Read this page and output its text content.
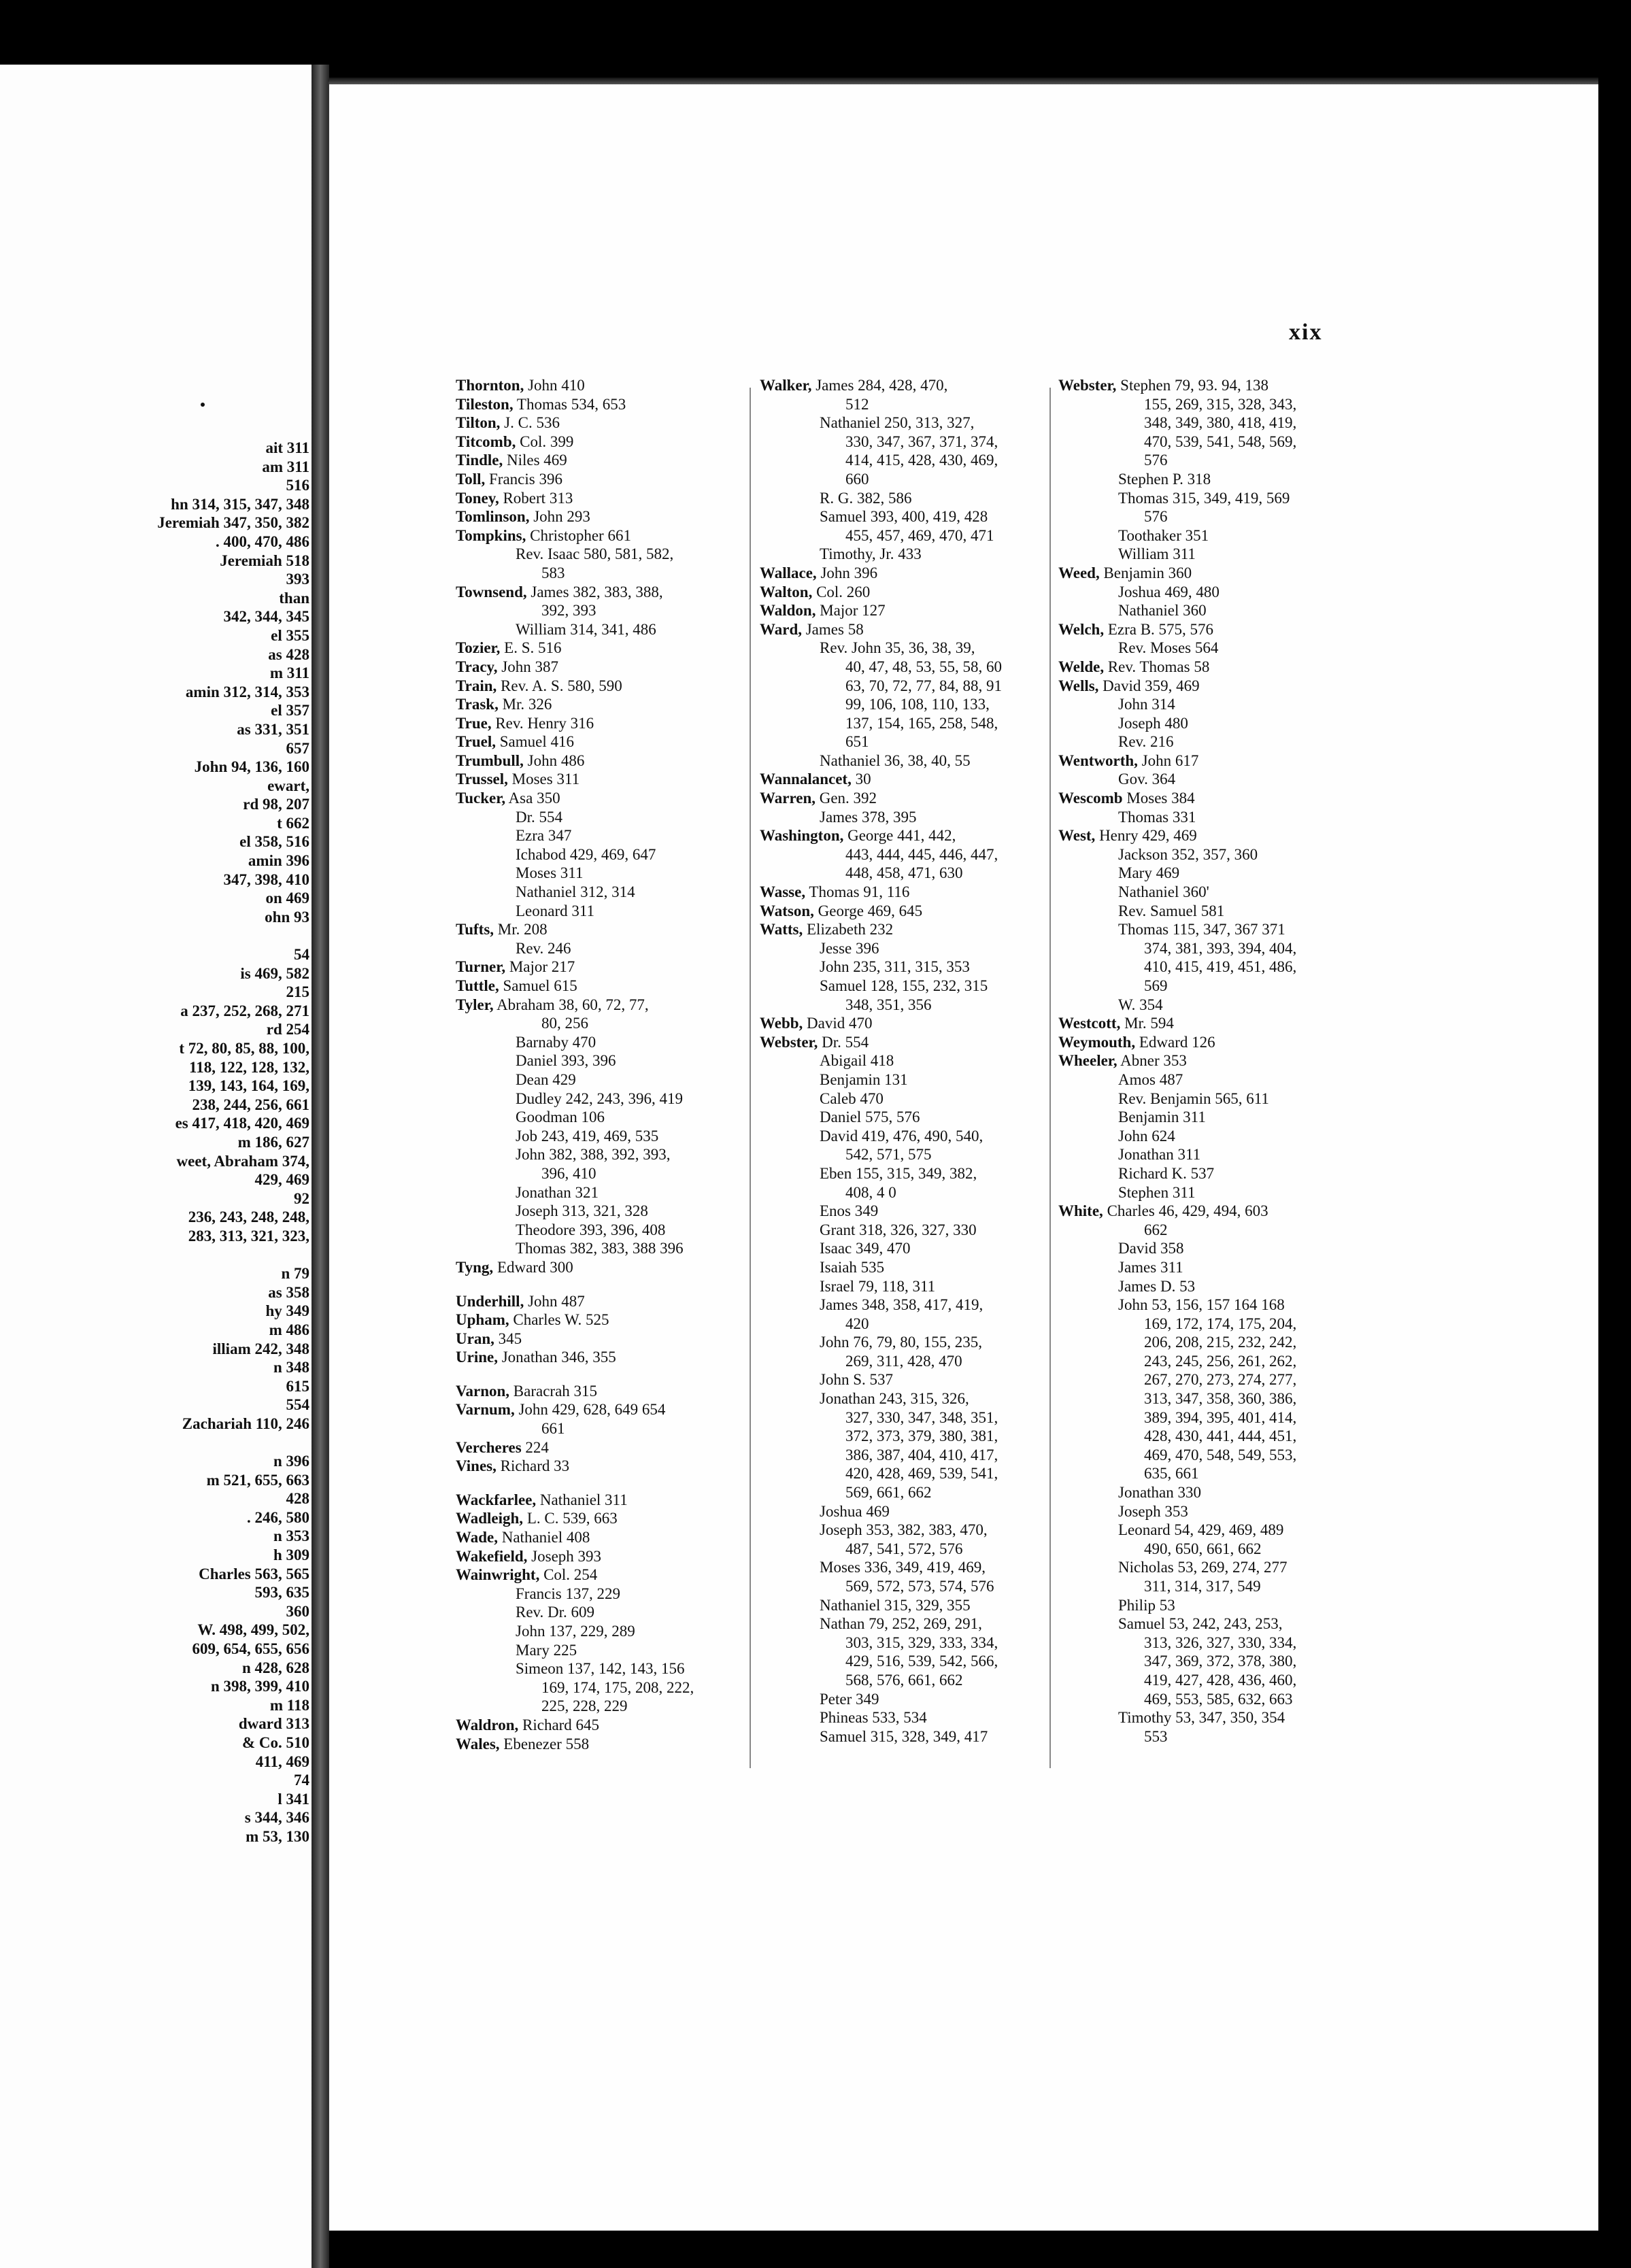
ait 311
am 311
516
hn 314, 315, 347, 348
Jeremiah 347, 350, 382
. 400, 470, 486
Jeremiah 518
393
than
342, 344, 345
el 355
as 428
m 311
amin 312, 314, 353
el 357
as 331, 351
657
John 94, 136, 160
ewart,
rd 98, 207
t 662
el 358, 516
amin 396
347, 398, 410
on 469
ohn 93

54
is 469, 582
215
a 237, 252, 268, 271
rd 254
t 72, 80, 85, 88, 100,
118, 122, 128, 132,
139, 143, 164, 169,
238, 244, 256, 661
es 417, 418, 420, 469
m 186, 627
weet, Abraham 374,
429, 469
92
236, 243, 248, 248,
283, 313, 321, 323,

n 79
as 358
hy 349
m 486
illiam 242, 348
n 348
615
554
Zachariah 110, 246

n 396
m 521, 655, 663
428
. 246, 580
n 353
h 309
Charles 563, 565
593, 635
360
W. 498, 499, 502,
609, 654, 655, 656
n 428, 628
n 398, 399, 410
m 118
dward 313
& Co. 510
411, 469
74
l 341
s 344, 346
m 53, 130
xix
Thornton, John 410
Tileston, Thomas 534, 653
Tilton, J. C. 536
Titcomb, Col. 399
Tindle, Niles 469
Toll, Francis 396
Toney, Robert 313
Tomlinson, John 293
Tompkins, Christopher 661
Rev. Isaac 580, 581, 582,
583
Townsend, James 382, 383, 388,
392, 393
William 314, 341, 486
Tozier, E. S. 516
Tracy, John 387
Train, Rev. A. S. 580, 590
Trask, Mr. 326
True, Rev. Henry 316
Truel, Samuel 416
Trumbull, John 486
Trussel, Moses 311
Tucker, Asa 350
Dr. 554
Ezra 347
Ichabod 429, 469, 647
Moses 311
Nathaniel 312, 314
Leonard 311
Tufts, Mr. 208
Rev. 246
Turner, Major 217
Tuttle, Samuel 615
Tyler, Abraham 38, 60, 72, 77,
80, 256
Barnaby 470
Daniel 393, 396
Dean 429
Dudley 242, 243, 396, 419
Goodman 106
Job 243, 419, 469, 535
John 382, 388, 392, 393,
396, 410
Jonathan 321
Joseph 313, 321, 328
Theodore 393, 396, 408
Thomas 382, 383, 388 396
Tyng, Edward 300
Underhill, John 487
Upham, Charles W. 525
Uran, 345
Urine, Jonathan 346, 355
Varnon, Baracrah 315
Varnum, John 429, 628, 649 654
661
Vercheres 224
Vines, Richard 33
Wackfarlee, Nathaniel 311
Wadleigh, L. C. 539, 663
Wade, Nathaniel 408
Wakefield, Joseph 393
Wainwright, Col. 254
Francis 137, 229
Rev. Dr. 609
John 137, 229, 289
Mary 225
Simeon 137, 142, 143, 156
169, 174, 175, 208, 222,
225, 228, 229
Waldron, Richard 645
Wales, Ebenezer 558
Walker, James 284, 428, 470,
512
Nathaniel 250, 313, 327,
330, 347, 367, 371, 374,
414, 415, 428, 430, 469,
660
R. G. 382, 586
Samuel 393, 400, 419, 428
455, 457, 469, 470, 471
Timothy, Jr. 433
Wallace, John 396
Walton, Col. 260
Waldon, Major 127
Ward, James 58
Rev. John 35, 36, 38, 39,
40, 47, 48, 53, 55, 58, 60
63, 70, 72, 77, 84, 88, 91
99, 106, 108, 110, 133,
137, 154, 165, 258, 548,
651
Nathaniel 36, 38, 40, 55
Wannalancet, 30
Warren, Gen. 392
James 378, 395
Washington, George 441, 442,
443, 444, 445, 446, 447,
448, 458, 471, 630
Wasse, Thomas 91, 116
Watson, George 469, 645
Watts, Elizabeth 232
Jesse 396
John 235, 311, 315, 353
Samuel 128, 155, 232, 315
348, 351, 356
Webb, David 470
Webster, Dr. 554
Abigail 418
Benjamin 131
Caleb 470
Daniel 575, 576
David 419, 476, 490, 540,
542, 571, 575
Eben 155, 315, 349, 382,
408, 4 0
Enos 349
Grant 318, 326, 327, 330
Isaac 349, 470
Isaiah 535
Israel 79, 118, 311
James 348, 358, 417, 419,
420
John 76, 79, 80, 155, 235,
269, 311, 428, 470
John S. 537
Jonathan 243, 315, 326,
327, 330, 347, 348, 351,
372, 373, 379, 380, 381,
386, 387, 404, 410, 417,
420, 428, 469, 539, 541,
569, 661, 662
Joshua 469
Joseph 353, 382, 383, 470,
487, 541, 572, 576
Moses 336, 349, 419, 469,
569, 572, 573, 574, 576
Nathaniel 315, 329, 355
Nathan 79, 252, 269, 291,
303, 315, 329, 333, 334,
429, 516, 539, 542, 566,
568, 576, 661, 662
Peter 349
Phineas 533, 534
Samuel 315, 328, 349, 417
Webster, Stephen 79, 93. 94, 138
155, 269, 315, 328, 343,
348, 349, 380, 418, 419,
470, 539, 541, 548, 569,
576
Stephen P. 318
Thomas 315, 349, 419, 569
576
Toothaker 351
William 311
Weed, Benjamin 360
Joshua 469, 480
Nathaniel 360
Welch, Ezra B. 575, 576
Rev. Moses 564
Welde, Rev. Thomas 58
Wells, David 359, 469
John 314
Joseph 480
Rev. 216
Wentworth, John 617
Gov. 364
Wescomb Moses 384
Thomas 331
West, Henry 429, 469
Jackson 352, 357, 360
Mary 469
Nathaniel 360'
Rev. Samuel 581
Thomas 115, 347, 367 371
374, 381, 393, 394, 404,
410, 415, 419, 451, 486,
569
W. 354
Westcott, Mr. 594
Weymouth, Edward 126
Wheeler, Abner 353
Amos 487
Rev. Benjamin 565, 611
Benjamin 311
John 624
Jonathan 311
Richard K. 537
Stephen 311
White, Charles 46, 429, 494, 603
662
David 358
James 311
James D. 53
John 53, 156, 157 164 168
169, 172, 174, 175, 204,
206, 208, 215, 232, 242,
243, 245, 256, 261, 262,
267, 270, 273, 274, 277,
313, 347, 358, 360, 386,
389, 394, 395, 401, 414,
428, 430, 441, 444, 451,
469, 470, 548, 549, 553,
635, 661
Jonathan 330
Joseph 353
Leonard 54, 429, 469, 489
490, 650, 661, 662
Nicholas 53, 269, 274, 277
311, 314, 317, 549
Philip 53
Samuel 53, 242, 243, 253,
313, 326, 327, 330, 334,
347, 369, 372, 378, 380,
419, 427, 428, 436, 460,
469, 553, 585, 632, 663
Timothy 53, 347, 350, 354
553
